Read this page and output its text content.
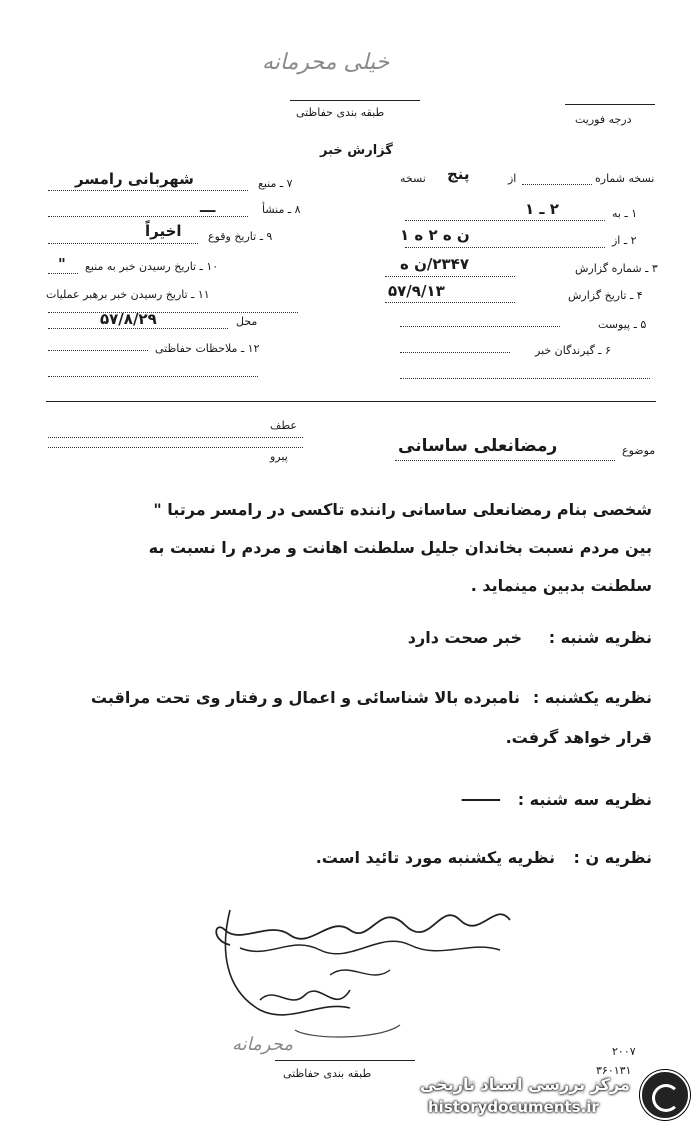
خیلی محرمانه
طبقه بندی حفاظتی
درجه فوریت
گزارش خبر
نسخه شماره
از
پنج
نسخه
۱ ـ به
۲ ـ ۱
۲ ـ از
ن ه ۲ ه ۱
۳ ـ شماره گزارش
۲۳۴۷/ن ه
۴ ـ تاریخ گزارش
۵۷/۹/۱۳
۵ ـ پیوست
۶ ـ گیرندگان خبر
۷ ـ منبع
شهربانی رامسر
۸ ـ منشأ
ـــ
۹ ـ تاریخ وقوع
اخیراً
۱۰ ـ تاریخ رسیدن خبر به منبع
"
۱۱ ـ تاریخ رسیدن خبر برهبر عملیات
محل
۵۷/۸/۲۹
۱۲ ـ ملاحظات حفاظتی
عطف
پیرو	موضوع
رمضانعلی ساسانی
شخصی بنام رمضانعلی ساسانی راننده تاکسی در رامسر مرتبا "
بین مردم نسبت بخاندان جلیل سلطنت اهانت و مردم را نسبت به
سلطنت بدبین مینماید .
نظریه شنبه :
خبر صحت دارد
نظریه یکشنبه :
نامبرده بالا شناسائی و اعمال و رفتار وی تحت مراقبت
قرار خواهد گرفت.
نظریه سه شنبه :
ـــــــ
نظریه ن :
نظریه یکشنبه مورد تائید است.
محرمانه
طبقه بندی حفاظتی	۳۶۰۱۳۱
۲۰۰۷
مرکز بررسی اسناد تاریخی
historydocuments.ir
